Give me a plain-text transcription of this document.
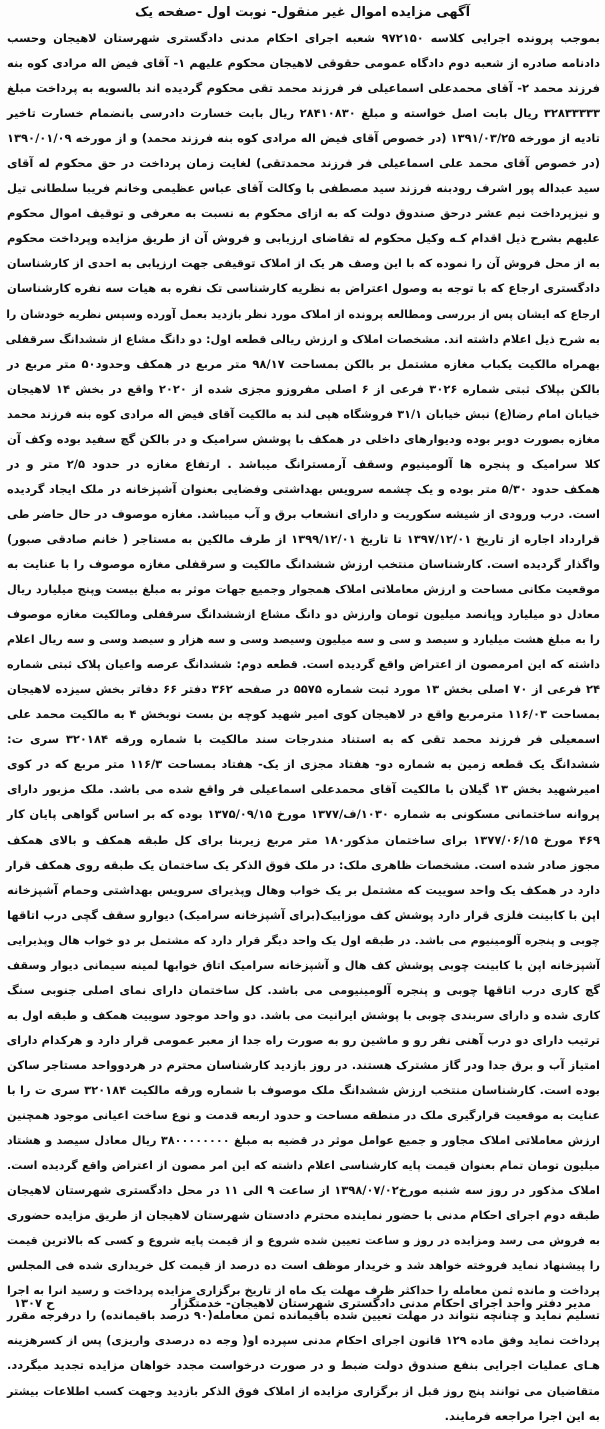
آگهی مزایده اموال غیر منقول- نوبت اول -صفحه یک
بموجب پرونده اجرایی کلاسه ۹۷۲۱۵۰ شعبه اجرای احکام مدنی دادگستری شهرستان لاهیجان وحسب
دادنامه صادره از شعبه دوم دادگاه عمومی حقوقی لاهیجان محکوم علیهم ۱- آقای فیض اله مرادی کوه بنه
فرزند محمد ۲- آقای محمدعلی اسماعیلی فر فرزند محمد تقی محکوم گردیده اند بالسویه به پرداخت مبلغ
۳۲۸۳۳۳۳۳ ریال بابت اصل خواسته و مبلغ ۲۸۴۱۰۸۳۰ ریال بابت خسارت دادرسی بانضمام خسارت تاخیر
تادیه از مورخه ۱۳۹۱/۰۳/۲۵ (در خصوص آقای فیض اله مرادی کوه بنه فرزند محمد) و از مورخه ۱۳۹۰/۰۱/۰۹
(در خصوص آقای محمد علی اسماعیلی فر فرزند محمدتقی) لغایت زمان پرداخت در حق محکوم له آقای
سید عبداله پور اشرف رودبنه فرزند سید مصطفی با وکالت آقای عباس عظیمی وخانم فریبا سلطانی تیل
و نیزپرداخت نیم عشر درحق صندوق دولت که به ازای محکوم به نسبت به معرفی و توقیف اموال محکوم
علیهم بشرح ذیل اقدام کـه وکیل محکوم له تقاضای ارزیابی و فروش آن از طریق مزایده وپرداخت محکوم
به از محل فروش آن را نموده که با این وصف هر یک از املاک توقیفی جهت ارزیابی به احدی از کارشناسان
دادگستری ارجاع که با توجه به وصول اعتراض به نظریه کارشناسی تک نفره به هیات سه نفره کارشناسان
ارجاع که ایشان پس از بررسی ومطالعه پرونده از املاک مورد نظر بازدید بعمل آورده وسپس نظریه خودشان را
به شرح ذیل اعلام داشته اند. مشخصات املاک و ارزش ریالی قطعه اول: دو دانگ مشاع از ششدانگ سرقفلی
بهمراه مالکیت یکباب مغازه مشتمل بر بالکن بمساحت ۹۸/۱۷ متر مربع در همکف وحدود۵۰ متر مربع در
بالکن بپلاک ثبتی شماره ۳۰۲۶ فرعی از ۶ اصلی مفروزو مجزی شده از ۲۰۲۰ واقع در بخش ۱۴ لاهیجان
خیابان امام رضا(ع) نبش خیابان ۳۱/۱ فروشگاه هپی لند به مالکیت آقای فیض اله مرادی کوه بنه فرزند محمد
مغازه بصورت دوبر بوده ودیوارهای داخلی در همکف با پوشش سرامیک و در بالکن گچ سفید بوده وکف آن
کلا سرامیک و پنجره ها آلومینیوم وسقف آرمسترانگ میباشد . ارتفاع مغازه در حدود ۲/۵ متر و در
همکف حدود ۵/۳۰ متر بوده و یک چشمه سرویس بهداشتی وفضایی بعنوان آشپزخانه در ملک ایجاد گردیده
است. درب ورودی از شیشه سکوریت و دارای انشعاب برق و آب میباشد. مغازه موصوف در حال حاضر طی
قرارداد اجاره از تاریخ ۱۳۹۷/۱۲/۰۱ تا تاریخ ۱۳۹۹/۱۲/۰۱ از طرف مالکین به مستاجر ( خانم صادقی صبور)
واگذار گردیده است. کارشناسان منتخب ارزش ششدانگ مالکیت و سرقفلی مغازه موصوف را با عنایت به
موقعیت مکانی مساحت و ارزش معاملاتی املاک همجوار وجمیع جهات موثر به مبلغ بیست وپنج میلیارد ریال
معادل دو میلیارد وپانصد میلیون تومان وارزش دو دانگ مشاع ازششدانگ سرقفلی ومالکیت مغازه موصوف
را به مبلغ هشت میلیارد و سیصد و سی و سه میلیون وسیصد وسی و سه هزار و سیصد وسی و سه ریال اعلام
داشته که این امرمصون از اعتراض واقع گردیده است. قطعه دوم: ششدانگ عرصه واعیان پلاک ثبتی شماره
۲۴ فرعی از ۷۰ اصلی بخش ۱۳ مورد ثبت شماره ۵۵۷۵ در صفحه ۳۶۲ دفتر ۶۶ دفاتر بخش سیزده لاهیجان
بمساحت ۱۱۶/۰۳ مترمربع واقع در لاهیجان کوی امیر شهید کوچه بن بست نوبخش ۴ به مالکیت محمد علی
اسمعیلی فر فرزند محمد تقی که به استناد مندرجات سند مالکیت با شماره ورقه ۳۲۰۱۸۴ سری ت:
ششدانگ یک قطعه زمین به شماره دو- هفتاد مجزی از یک- هفتاد بمساحت ۱۱۶/۳ متر مربع که در کوی
امیرشهید بخش ۱۳ گیلان با مالکیت آقای محمدعلی اسماعیلی فر واقع شده می باشد. ملک مزبور دارای
پروانه ساختمانی مسکونی به شماره ۱۰۳۰/ف/۱۳۷۷ مورخ ۱۳۷۵/۰۹/۱۵ بوده که بر اساس گواهی پایان کار
۴۶۹ مورخ ۱۳۷۷/۰۶/۱۵ برای ساختمان مذکور۱۸۰ متر مربع زیربنا برای کل طبقه همکف و بالای همکف
مجوز صادر شده است. مشخصات ظاهری ملک: در ملک فوق الذکر یک ساختمان یک طبقه روی همکف قرار
دارد در همکف یک واحد سوییت که مشتمل بر یک خواب وهال وپذیرای سرویس بهداشتی وحمام آشپزخانه
اپن با کابینت فلزی قرار دارد پوشش کف موزاییک(برای آشپزخانه سرامیک) دیوارو سقف گچی درب اتاقها
چوبی و پنجره آلومینیوم می باشد. در طبقه اول یک واحد دیگر قرار دارد که مشتمل بر دو خواب هال وپذیرایی
آشپزخانه اپن با کابینت چوبی پوشش کف هال و آشپزخانه سرامیک اتاق خوابها لمینه سیمانی دیوار وسقف
گچ کاری درب اتاقها چوبی و پنجره آلومینیومی می باشد. کل ساختمان دارای نمای اصلی جنوبی سنگ
کاری شده و دارای سربندی چوبی با پوشش ایرانیت می باشد. دو واحد موجود سوییت همکف و طبقه اول به
ترتیب دارای دو درب آهنی نفر رو و ماشین رو به صورت راه جدا از معبر عمومی قرار دارد و هرکدام دارای
امتیاز آب و برق جدا ودر گاز مشترک هستند. در روز بازدید کارشناسان محترم در هردوواحد مستاجر ساکن
بوده است. کارشناسان منتخب ارزش ششدانگ ملک موصوف با شماره ورقه مالکیت ۳۲۰۱۸۴ سری ت را با
عنایت به موقعیت قرارگیری ملک در منطقه مساحت و حدود اربعه قدمت و نوع ساخت اعیانی موجود همچنین
ارزش معاملاتی املاک مجاور و جمیع عوامل موثر در قضیه به مبلغ ۳۸۰۰۰۰۰۰۰۰ ریال معادل سیصد و هشتاد
میلیون تومان تمام بعنوان قیمت پایه کارشناسی اعلام داشته که این امر مصون از اعتراض واقع گردیده است.
املاک مذکور در روز سه شنبه مورخ۱۳۹۸/۰۷/۰۲ از ساعت ۹ الی ۱۱ در محل دادگستری شهرستان لاهیجان
طبقه دوم اجرای احکام مدنی با حضور نماینده محترم دادستان شهرستان لاهیجان از طریق مزایده حضوری
به فروش می رسد ومزایده در روز و ساعت تعیین شده شروع و از قیمت پایه شروع و کسی که بالاترین قیمت
را پیشنهاد نماید فروخته خواهد شد و خریدار موظف است ده درصد از قیمت کل خریداری شده فی المجلس
پرداخت و مانده ثمن معامله را حداکثر ظرف مهلت یک ماه از تاریخ برگزاری مزایده پرداخت و رسید انرا به اجرا
تسلیم نماید و چنانچه نتواند در مهلت تعیین شده باقیمانده ثمن معامله(۹۰ درصد باقیمانده) را درفرجه مقرر
پرداخت نماید وفق ماده ۱۲۹ قانون اجرای احکام مدنی سپرده او( وجه ده درصدی واریزی) پس از کسرهزینه
هـای عملیات اجرایی بنفع صندوق دولت ضبط و در صورت درخواست مجدد خواهان مزایده تجدید میگردد.
متقاضیان می توانند پنج روز قبل از برگزاری مزایده از املاک فوق الذکر بازدید وجهت کسب اطلاعات بیشتر
به این اجرا مراجعه فرمایند.
مدیر دفتر واحد اجرای احکام مدنی دادگستری شهرستان لاهیجان- خدمتگزار
ح ۱۳۰۷
